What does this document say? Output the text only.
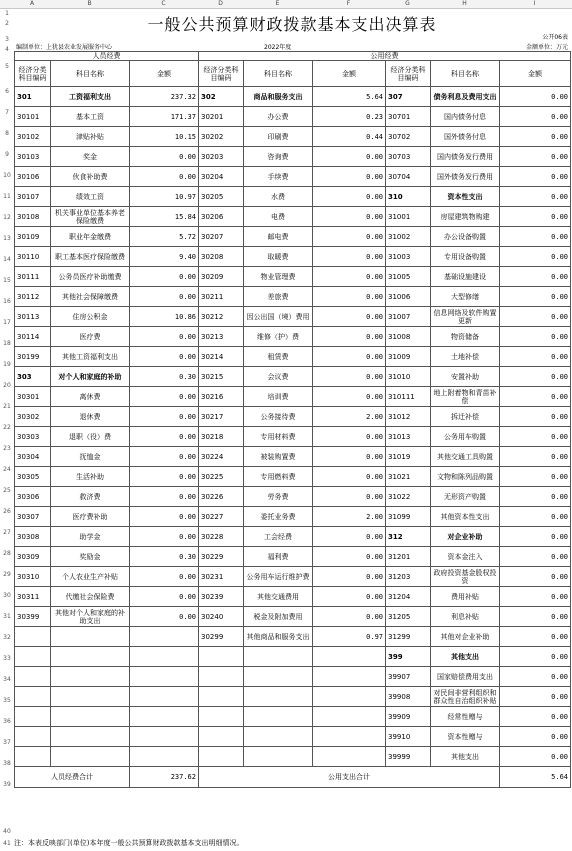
A	B	C	D	E	F	G	H	I
1
2
3
4
5
6
7
8
9
10
11
12
13
14
15
16
17
18
19
20
21
22
23
24
25
26
27
28
29
30
31
32
33
34
35
36
37
38
39
40
41
一般公共预算财政拨款基本支出决算表
公开06表
编制单位：上犹县农业发展服务中心	2022年度	金额单位：万元
人员经费			公用经费					
经济分类科目编码	科目名称	金额	经济分类科目编码	科目名称	金额	经济分类科目编码	科目名称	金额
301	工资福利支出	237.32	302	商品和服务支出	5.64	307	债务利息及费用支出	0.00
30101	基本工资	171.37	30201	办公费	0.23	30701	国内债务付息	0.00
30102	津贴补贴	10.15	30202	印刷费	0.44	30702	国外债务付息	0.00
30103	奖金	0.00	30203	咨询费	0.00	30703	国内债务发行费用	0.00
30106	伙食补助费	0.00	30204	手续费	0.00	30704	国外债务发行费用	0.00
30107	绩效工资	10.97	30205	水费	0.00	310	资本性支出	0.00
30108	机关事业单位基本养老保险缴费	15.84	30206	电费	0.00	31001	房屋建筑物购建	0.00
30109	职业年金缴费	5.72	30207	邮电费	0.00	31002	办公设备购置	0.00
30110	职工基本医疗保险缴费	9.40	30208	取暖费	0.00	31003	专用设备购置	0.00
30111	公务员医疗补助缴费	0.00	30209	物业管理费	0.00	31005	基础设施建设	0.00
30112	其他社会保障缴费	0.00	30211	差旅费	0.00	31006	大型修缮	0.00
30113	住房公积金	10.86	30212	因公出国（境）费用	0.00	31007	信息网络及软件购置更新	0.00
30114	医疗费	0.00	30213	维修（护）费	0.00	31008	物资储备	0.00
30199	其他工资福利支出	0.00	30214	租赁费	0.00	31009	土地补偿	0.00
303	对个人和家庭的补助	0.30	30215	会议费	0.00	31010	安置补助	0.00
30301	离休费	0.00	30216	培训费	0.00	310111	地上附着物和青苗补偿	0.00
30302	退休费	0.00	30217	公务接待费	2.00	31012	拆迁补偿	0.00
30303	退职（役）费	0.00	30218	专用材料费	0.00	31013	公务用车购置	0.00
30304	抚恤金	0.00	30224	被装购置费	0.00	31019	其他交通工具购置	0.00
30305	生活补助	0.00	30225	专用燃料费	0.00	31021	文物和陈列品购置	0.00
30306	救济费	0.00	30226	劳务费	0.00	31022	无形资产购置	0.00
30307	医疗费补助	0.00	30227	委托业务费	2.00	31099	其他资本性支出	0.00
30308	助学金	0.00	30228	工会经费	0.00	312	对企业补助	0.00
30309	奖励金	0.30	30229	福利费	0.00	31201	资本金注入	0.00
30310	个人农业生产补贴	0.00	30231	公务用车运行维护费	0.00	31203	政府投资基金股权投资	0.00
30311	代缴社会保险费	0.00	30239	其他交通费用	0.00	31204	费用补贴	0.00
30399	其他对个人和家庭的补助支出	0.00	30240	税金及附加费用	0.00	31205	利息补贴	0.00
			30299	其他商品和服务支出	0.97	31299	其他对企业补助	0.00
						399	其他支出	0.00
						39907	国家赔偿费用支出	0.00
						39908	对民间非营利组织和群众性自治组织补贴	0.00
						39909	经常性赠与	0.00
						39910	资本性赠与	0.00
						39999	其他支出	0.00
人员经费合计		237.62	公用支出合计					5.64
注：本表反映部门(单位)本年度一般公共预算财政拨款基本支出明细情况。
